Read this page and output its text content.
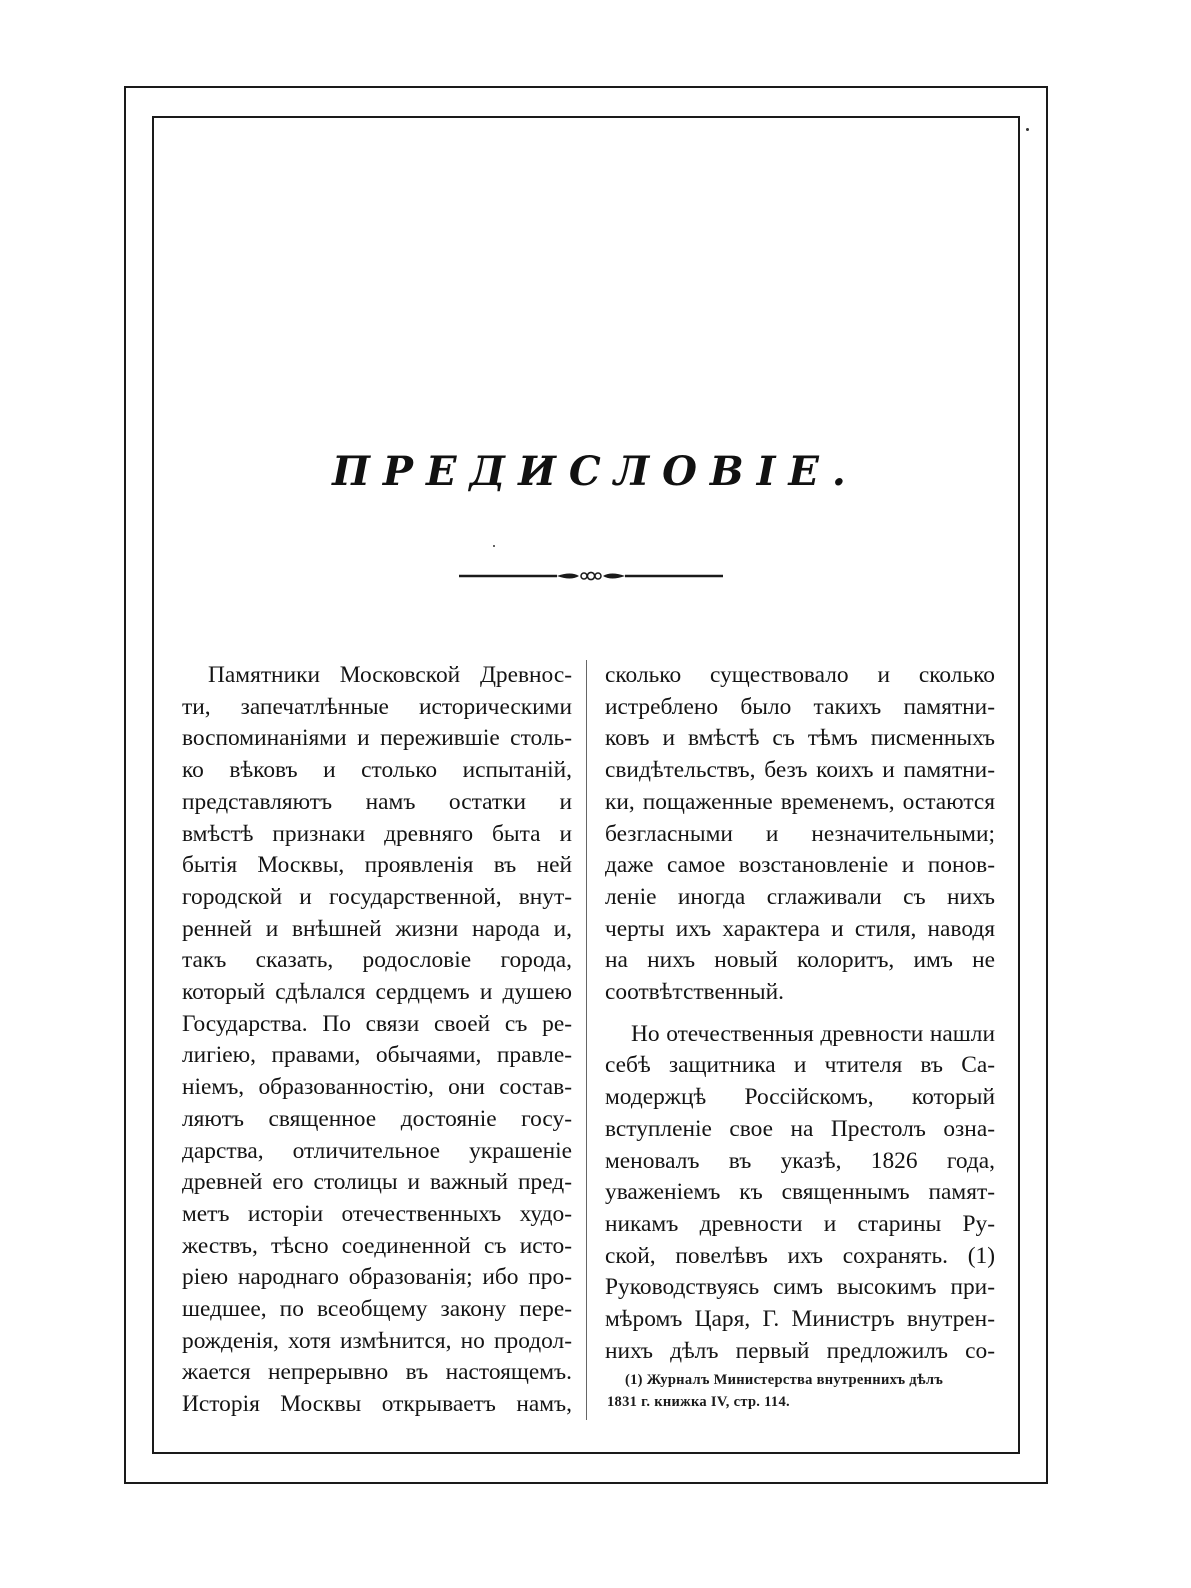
ПРЕДИСЛОВІЕ.
Памятники Московской Древнос-
ти, запечатлѣнные историческими
воспоминаніями и пережившіе столь-
ко вѣковъ и столько испытаній,
представляютъ намъ остатки и
вмѣстѣ признаки древняго быта и
бытія Москвы, проявленія въ ней
городской и государственной, внут-
ренней и внѣшней жизни народа и,
такъ сказать, родословіе города,
который сдѣлался сердцемъ и душею
Государства. По связи своей съ ре-
лигіею, правами, обычаями, правле-
ніемъ, образованностію, они состав-
ляютъ священное достояніе госу-
дарства, отличительное украшеніе
древней его столицы и важный пред-
метъ исторіи отечественныхъ худо-
жествъ, тѣсно соединенной съ исто-
ріею народнаго образованія; ибо про-
шедшее, по всеобщему закону пере-
рожденія, хотя измѣнится, но продол-
жается непрерывно въ настоящемъ.
Исторія Москвы открываетъ намъ,
сколько существовало и сколько
истреблено было такихъ памятни-
ковъ и вмѣстѣ съ тѣмъ писменныхъ
свидѣтельствъ, безъ коихъ и памятни-
ки, пощаженные временемъ, остаются
безгласными и незначительными;
даже самое возстановленіе и понов-
леніе иногда сглаживали съ нихъ
черты ихъ характера и стиля, наводя
на нихъ новый колоритъ, имъ не
соотвѣтственный.
Но отечественныя древности нашли
себѣ защитника и чтителя въ Са-
модержцѣ Россійскомъ, который
вступленіе свое на Престолъ озна-
меновалъ въ указѣ, 1826 года,
уваженіемъ къ священнымъ памят-
никамъ древности и старины Ру-
ской, повелѣвъ ихъ сохранять. (1)
Руководствуясь симъ высокимъ при-
мѣромъ Царя, Г. Министръ внутрен-
нихъ дѣлъ первый предложилъ со-
(1) Журналъ Министерства внутреннихъ дѣлъ
1831 г. книжка IV, стр. 114.
